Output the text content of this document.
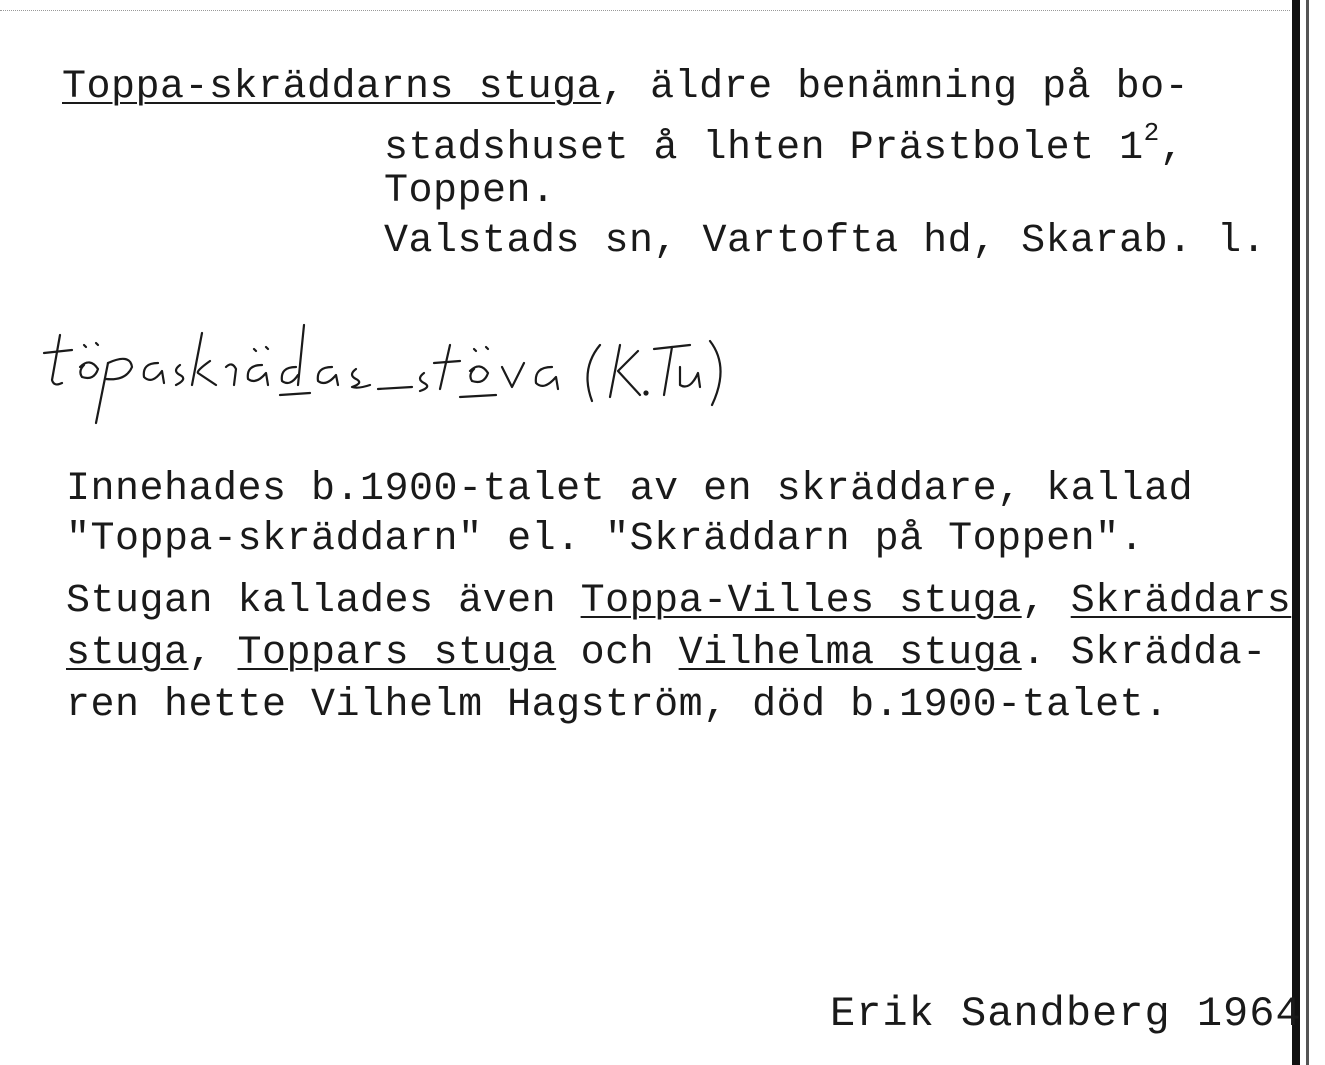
Toppa-skräddarns stuga, äldre benämning på bo-
stadshuset å lhten Prästbolet $1^2$,
Toppen.
Valstads sn, Vartofta hd, Skarab. l.
Innehades b.1900-talet av en skräddare, kallad
"Toppa-skräddarn" el. "Skräddarn på Toppen".
Stugan kallades även Toppa-Villes stuga, Skräddars
stuga, Toppars stuga och Vilhelma stuga. Skrädda-
ren hette Vilhelm Hagström, död b.1900-talet.
Erik Sandberg 1964
